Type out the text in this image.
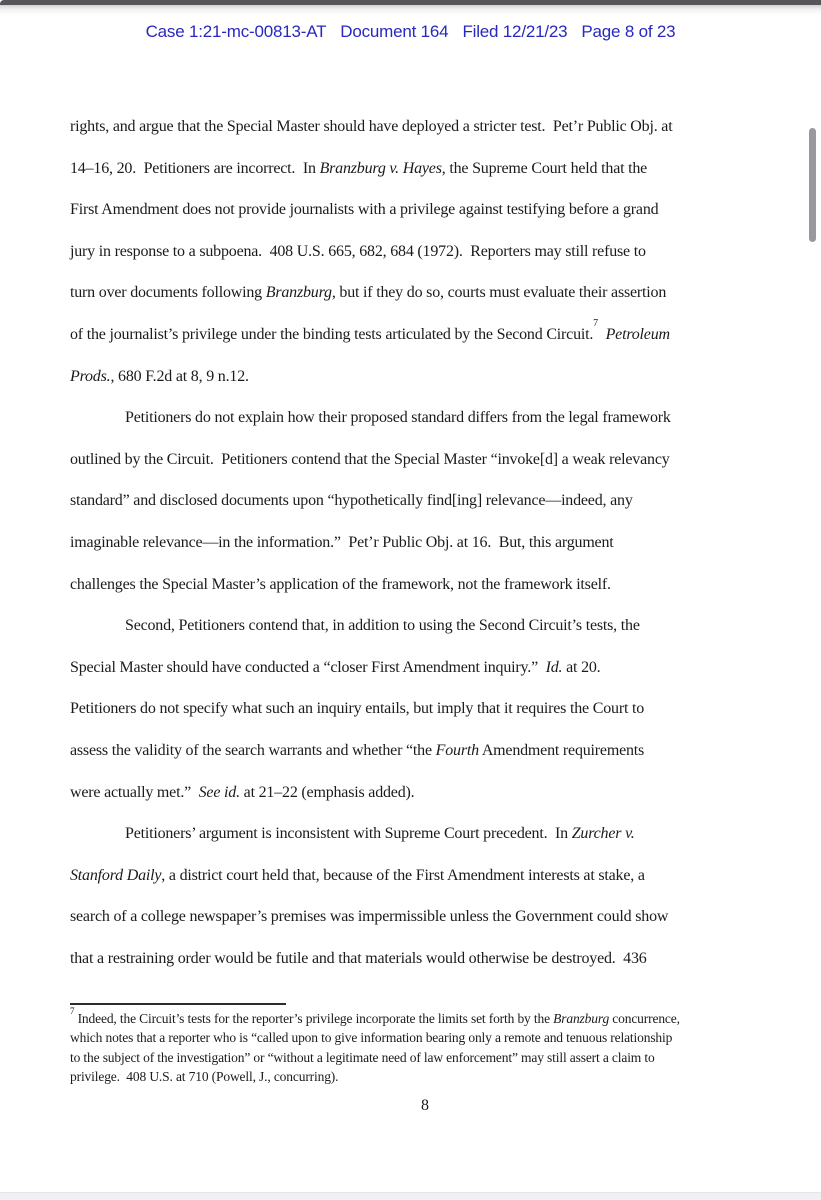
Case 1:21-mc-00813-AT Document 164 Filed 12/21/23 Page 8 of 23
rights, and argue that the Special Master should have deployed a stricter test.  Pet’r Public Obj. at
14–16, 20.  Petitioners are incorrect.  In Branzburg v. Hayes, the Supreme Court held that the
First Amendment does not provide journalists with a privilege against testifying before a grand
jury in response to a subpoena.  408 U.S. 665, 682, 684 (1972).  Reporters may still refuse to
turn over documents following Branzburg, but if they do so, courts must evaluate their assertion
of the journalist’s privilege under the binding tests articulated by the Second Circuit.$^7$  Petroleum
Prods., 680 F.2d at 8, 9 n.12.
Petitioners do not explain how their proposed standard differs from the legal framework
outlined by the Circuit.  Petitioners contend that the Special Master “invoke[d] a weak relevancy
standard” and disclosed documents upon “hypothetically find[ing] relevance—indeed, any
imaginable relevance—in the information.”  Pet’r Public Obj. at 16.  But, this argument
challenges the Special Master’s application of the framework, not the framework itself.
Second, Petitioners contend that, in addition to using the Second Circuit’s tests, the
Special Master should have conducted a “closer First Amendment inquiry.”  Id. at 20.
Petitioners do not specify what such an inquiry entails, but imply that it requires the Court to
assess the validity of the search warrants and whether “the Fourth Amendment requirements
were actually met.”  See id. at 21–22 (emphasis added).
Petitioners’ argument is inconsistent with Supreme Court precedent.  In Zurcher v.
Stanford Daily, a district court held that, because of the First Amendment interests at stake, a
search of a college newspaper’s premises was impermissible unless the Government could show
that a restraining order would be futile and that materials would otherwise be destroyed.  436
$^7$ Indeed, the Circuit’s tests for the reporter’s privilege incorporate the limits set forth by the Branzburg concurrence,
which notes that a reporter who is “called upon to give information bearing only a remote and tenuous relationship
to the subject of the investigation” or “without a legitimate need of law enforcement” may still assert a claim to
privilege.  408 U.S. at 710 (Powell, J., concurring).
8
